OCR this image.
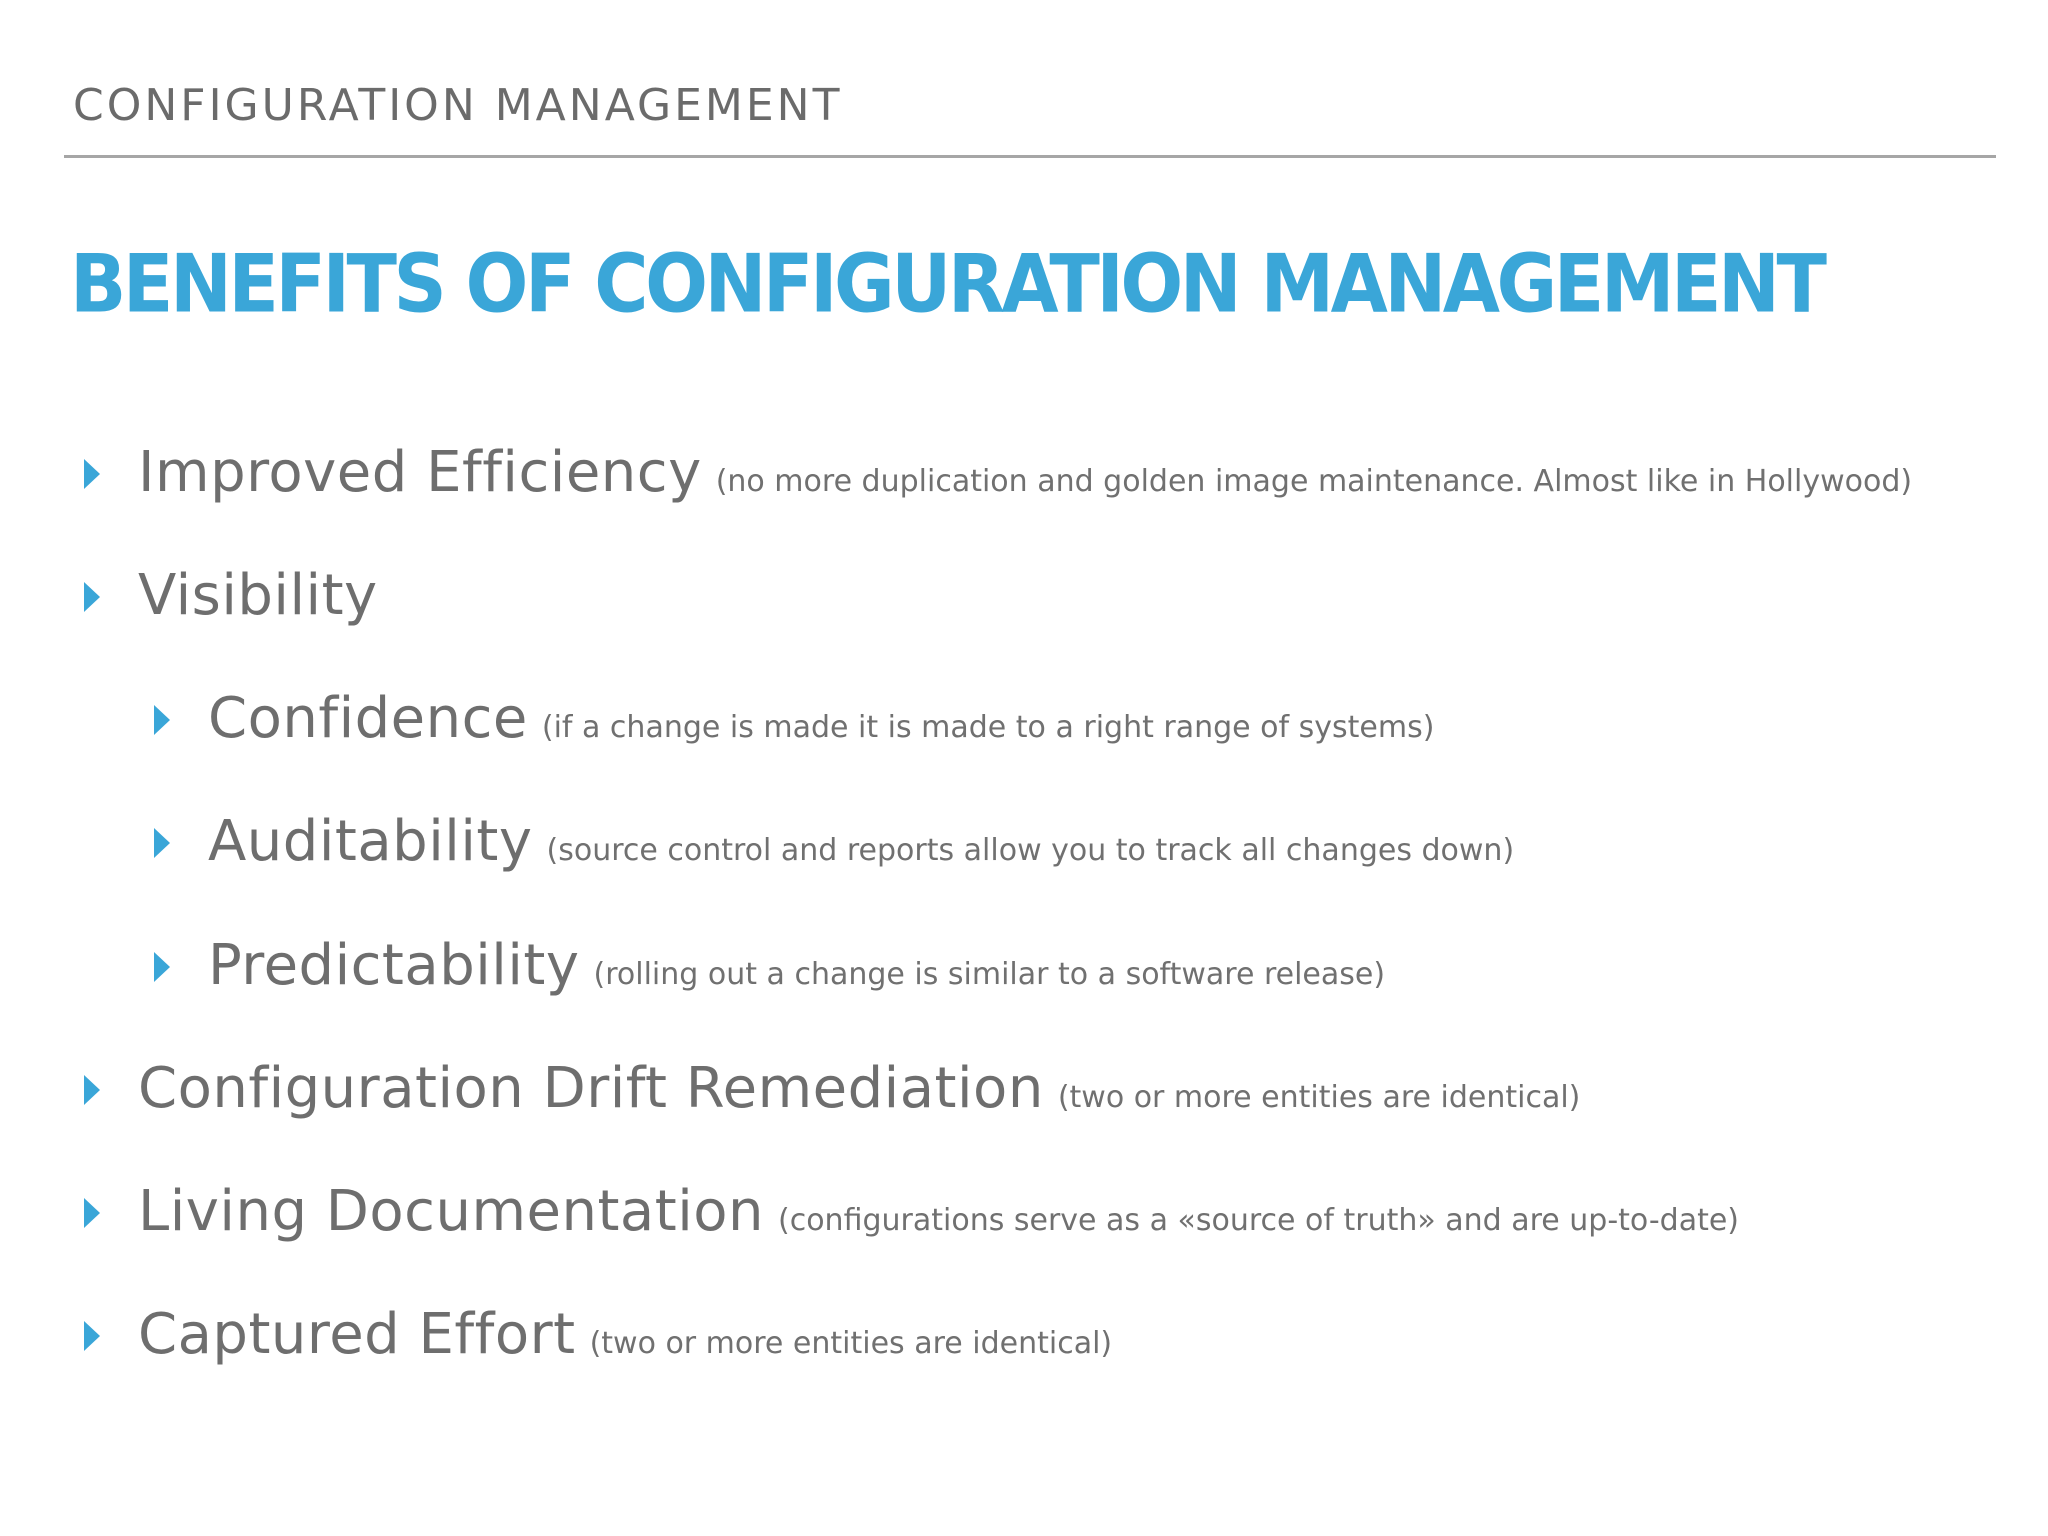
CONFIGURATION MANAGEMENT
BENEFITS OF CONFIGURATION MANAGEMENT
Improved Efficiency (no more duplication and golden image maintenance. Almost like in Hollywood)
Visibility
Confidence (if a change is made it is made to a right range of systems)
Auditability (source control and reports allow you to track all changes down)
Predictability (rolling out a change is similar to a software release)
Configuration Drift Remediation (two or more entities are identical)
Living Documentation (configurations serve as a «source of truth» and are up-to-date)
Captured Effort (two or more entities are identical)
